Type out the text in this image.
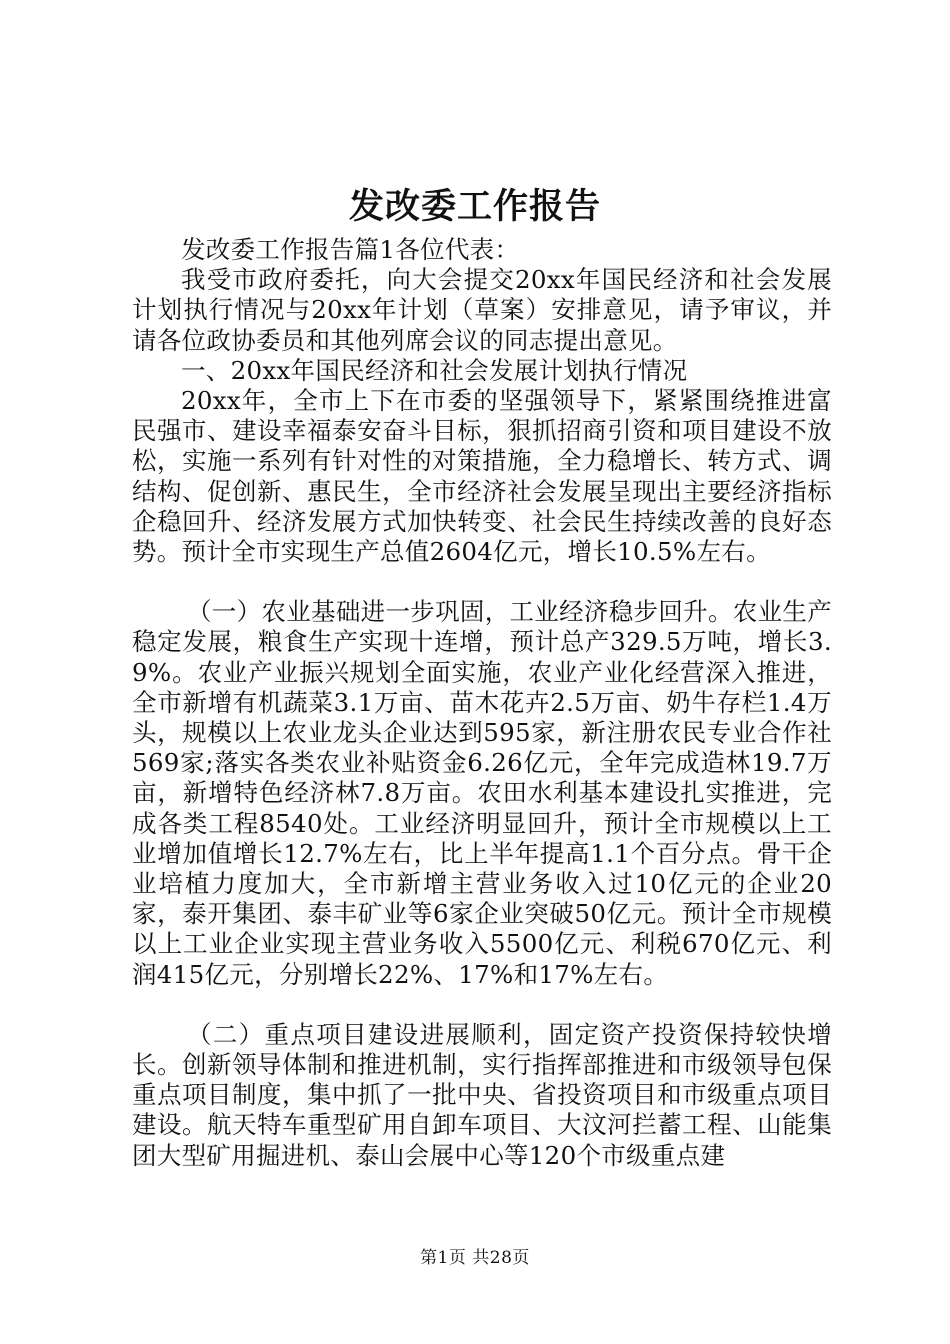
发改委工作报告

发改委工作报告篇1各位代表：

我受市政府委托，向大会提交20xx年国民经济和社会发展计划执行情况与20xx年计划（草案）安排意见，请予审议，并请各位政协委员和其他列席会议的同志提出意见。

一、20xx年国民经济和社会发展计划执行情况

20xx年，全市上下在市委的坚强领导下，紧紧围绕推进富民强市、建设幸福泰安奋斗目标，狠抓招商引资和项目建设不放松，实施一系列有针对性的对策措施，全力稳增长、转方式、调结构、促创新、惠民生，全市经济社会发展呈现出主要经济指标企稳回升、经济发展方式加快转变、社会民生持续改善的良好态势。预计全市实现生产总值2604亿元，增长10.5%左右。

（一）农业基础进一步巩固，工业经济稳步回升。农业生产稳定发展，粮食生产实现十连增，预计总产329.5万吨，增长3.9%。农业产业振兴规划全面实施，农业产业化经营深入推进，全市新增有机蔬菜3.1万亩、苗木花卉2.5万亩、奶牛存栏1.4万头，规模以上农业龙头企业达到595家，新注册农民专业合作社569家;落实各类农业补贴资金6.26亿元，全年完成造林19.7万亩，新增特色经济林7.8万亩。农田水利基本建设扎实推进，完成各类工程8540处。工业经济明显回升，预计全市规模以上工业增加值增长12.7%左右，比上半年提高1.1个百分点。骨干企业培植力度加大，全市新增主营业务收入过10亿元的企业20家，泰开集团、泰丰矿业等6家企业突破50亿元。预计全市规模以上工业企业实现主营业务收入5500亿元、利税670亿元、利润415亿元，分别增长22%、17%和17%左右。

（二）重点项目建设进展顺利，固定资产投资保持较快增长。创新领导体制和推进机制，实行指挥部推进和市级领导包保重点项目制度，集中抓了一批中央、省投资项目和市级重点项目建设。航天特车重型矿用自卸车项目、大汶河拦蓄工程、山能集团大型矿用掘进机、泰山会展中心等120个市级重点建

第1页 共28页
